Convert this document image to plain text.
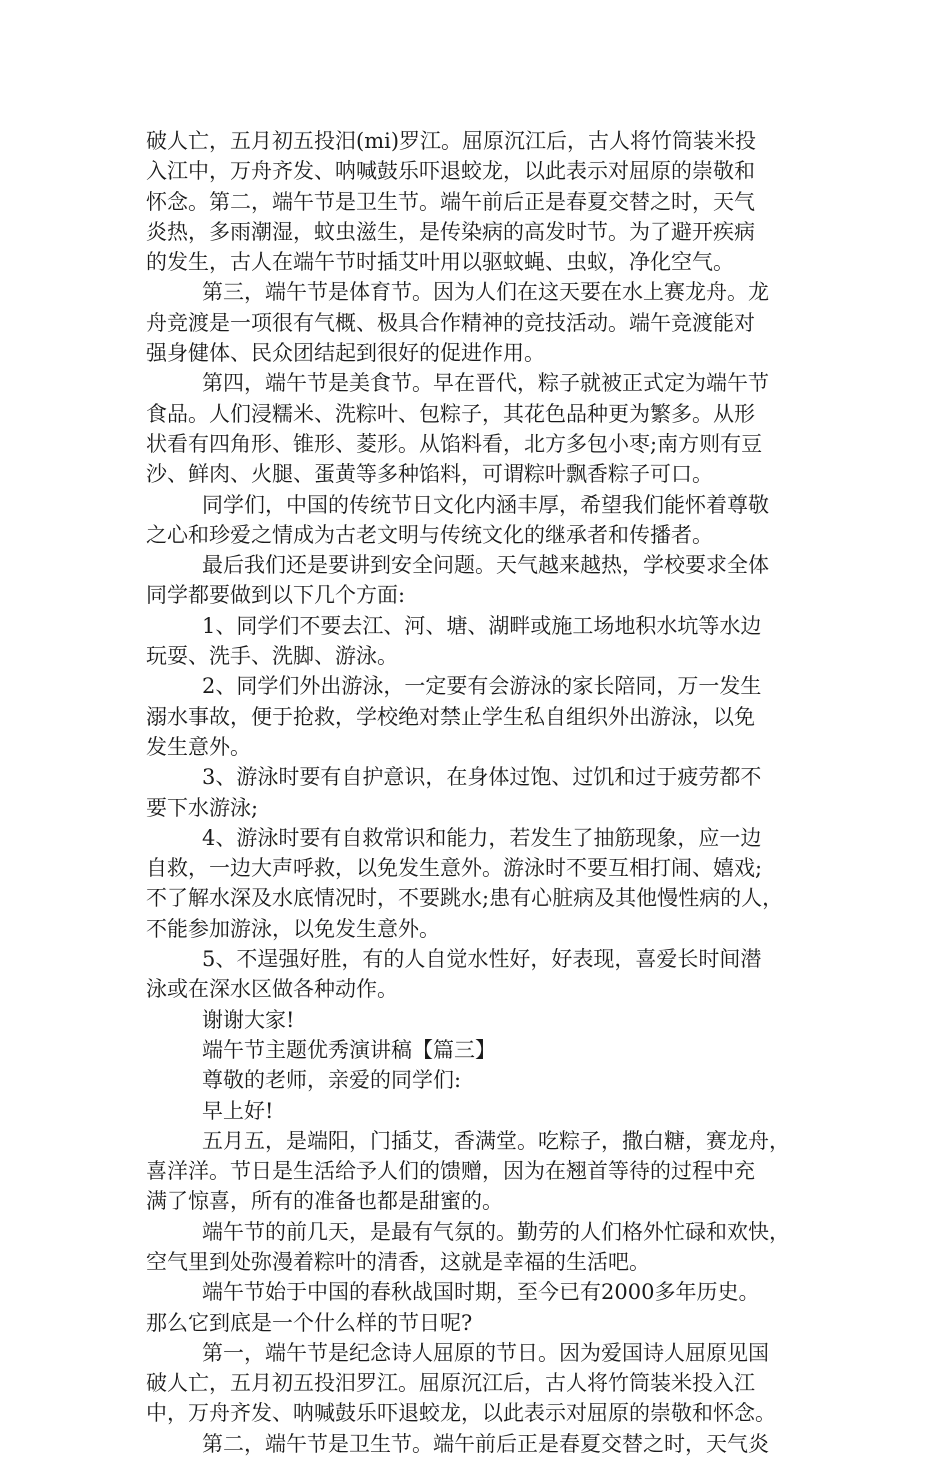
破人亡，五月初五投汨(mi)罗江。屈原沉江后，古人将竹筒装米投
入江中，万舟齐发、呐喊鼓乐吓退蛟龙，以此表示对屈原的崇敬和
怀念。第二，端午节是卫生节。端午前后正是春夏交替之时，天气
炎热，多雨潮湿，蚊虫滋生，是传染病的高发时节。为了避开疾病
的发生，古人在端午节时插艾叶用以驱蚊蝇、虫蚁，净化空气。
第三，端午节是体育节。因为人们在这天要在水上赛龙舟。龙
舟竞渡是一项很有气概、极具合作精神的竞技活动。端午竞渡能对
强身健体、民众团结起到很好的促进作用。
第四，端午节是美食节。早在晋代，粽子就被正式定为端午节
食品。人们浸糯米、洗粽叶、包粽子，其花色品种更为繁多。从形
状看有四角形、锥形、菱形。从馅料看，北方多包小枣;南方则有豆
沙、鲜肉、火腿、蛋黄等多种馅料，可谓粽叶飘香粽子可口。
同学们，中国的传统节日文化内涵丰厚，希望我们能怀着尊敬
之心和珍爱之情成为古老文明与传统文化的继承者和传播者。
最后我们还是要讲到安全问题。天气越来越热，学校要求全体
同学都要做到以下几个方面:
1、同学们不要去江、河、塘、湖畔或施工场地积水坑等水边
玩耍、洗手、洗脚、游泳。
2、同学们外出游泳，一定要有会游泳的家长陪同，万一发生
溺水事故，便于抢救，学校绝对禁止学生私自组织外出游泳，以免
发生意外。
3、游泳时要有自护意识，在身体过饱、过饥和过于疲劳都不
要下水游泳;
4、游泳时要有自救常识和能力，若发生了抽筋现象，应一边
自救，一边大声呼救，以免发生意外。游泳时不要互相打闹、嬉戏;
不了解水深及水底情况时，不要跳水;患有心脏病及其他慢性病的人，
不能参加游泳，以免发生意外。
5、不逞强好胜，有的人自觉水性好，好表现，喜爱长时间潜
泳或在深水区做各种动作。
谢谢大家!
端午节主题优秀演讲稿【篇三】
尊敬的老师，亲爱的同学们:
早上好!
五月五，是端阳，门插艾，香满堂。吃粽子，撒白糖，赛龙舟，
喜洋洋。节日是生活给予人们的馈赠，因为在翘首等待的过程中充
满了惊喜，所有的准备也都是甜蜜的。
端午节的前几天，是最有气氛的。勤劳的人们格外忙碌和欢快，
空气里到处弥漫着粽叶的清香，这就是幸福的生活吧。
端午节始于中国的春秋战国时期，至今已有2000多年历史。
那么它到底是一个什么样的节日呢?
第一，端午节是纪念诗人屈原的节日。因为爱国诗人屈原见国
破人亡，五月初五投汨罗江。屈原沉江后，古人将竹筒装米投入江
中，万舟齐发、呐喊鼓乐吓退蛟龙，以此表示对屈原的崇敬和怀念。
第二，端午节是卫生节。端午前后正是春夏交替之时，天气炎
